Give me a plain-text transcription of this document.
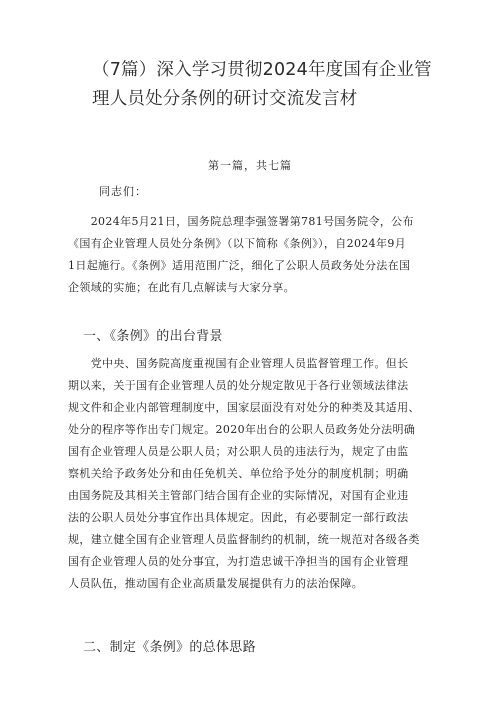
（7篇）深入学习贯彻2024年度国有企业管
理人员处分条例的研讨交流发言材
第一篇，共七篇
同志们：
　　2024年5月21日，国务院总理李强签署第781号国务院令，公布
《国有企业管理人员处分条例》（以下简称《条例》），自2024年9月
1日起施行。《条例》适用范围广泛，细化了公职人员政务处分法在国
企领域的实施；在此有几点解读与大家分享。
一、《条例》的出台背景
　　党中央、国务院高度重视国有企业管理人员监督管理工作。但长
期以来，关于国有企业管理人员的处分规定散见于各行业领域法律法
规文件和企业内部管理制度中，国家层面没有对处分的种类及其适用、
处分的程序等作出专门规定。2020年出台的公职人员政务处分法明确
国有企业管理人员是公职人员；对公职人员的违法行为，规定了由监
察机关给予政务处分和由任免机关、单位给予处分的制度机制；明确
由国务院及其相关主管部门结合国有企业的实际情况，对国有企业违
法的公职人员处分事宜作出具体规定。因此，有必要制定一部行政法
规，建立健全国有企业管理人员监督制约的机制，统一规范对各级各类
国有企业管理人员的处分事宜，为打造忠诚干净担当的国有企业管理
人员队伍，推动国有企业高质量发展提供有力的法治保障。
二、制定《条例》的总体思路
